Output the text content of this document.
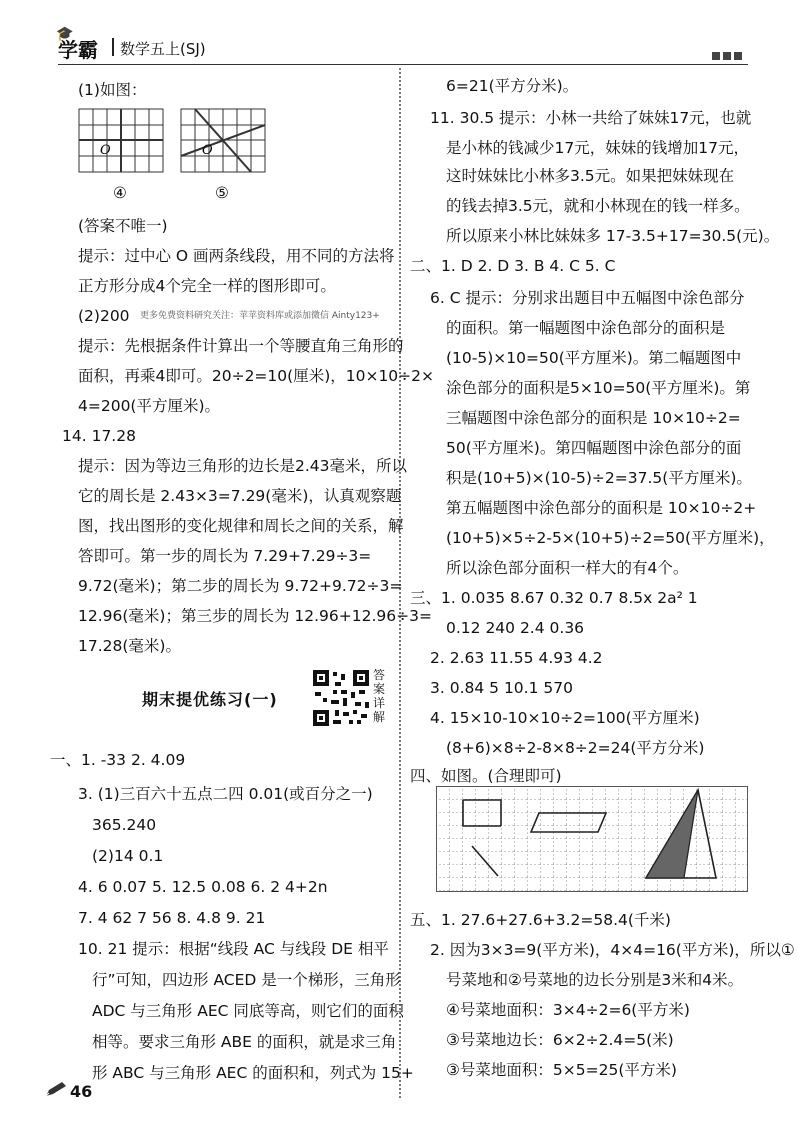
🎓
学霸 数学五上(SJ)
(1)如图：
O	O
④	⑤
(答案不唯一)
提示：过中心 O 画两条线段，用不同的方法将
正方形分成4个完全一样的图形即可。
(2)200 更多免费资料研究关注：苹苹资料库或添加微信 Ainty123+
提示：先根据条件计算出一个等腰直角三角形的
面积，再乘4即可。20÷2=10(厘米)，10×10÷2×
4=200(平方厘米)。
14. 17.28
提示：因为等边三角形的边长是2.43毫米，所以
它的周长是 2.43×3=7.29(毫米)，认真观察题
图，找出图形的变化规律和周长之间的关系，解
答即可。第一步的周长为 7.29+7.29÷3=
9.72(毫米)；第二步的周长为 9.72+9.72÷3=
12.96(毫米)；第三步的周长为 12.96+12.96÷3=
17.28(毫米)。
期末提优练习(一)
答案详解
一、1. -33 2. 4.09
3. (1)三百六十五点二四 0.01(或百分之一)
365.240
(2)14 0.1
4. 6 0.07 5. 12.5 0.08 6. 2 4+2n
7. 4 62 7 56 8. 4.8 9. 21
10. 21 提示：根据“线段 AC 与线段 DE 相平
行”可知，四边形 ACED 是一个梯形，三角形
ADC 与三角形 AEC 同底等高，则它们的面积
相等。要求三角形 ABE 的面积，就是求三角
形 ABC 与三角形 AEC 的面积和，列式为 15+
6=21(平方分米)。
11. 30.5 提示：小林一共给了妹妹17元，也就
是小林的钱减少17元，妹妹的钱增加17元，
这时妹妹比小林多3.5元。如果把妹妹现在
的钱去掉3.5元，就和小林现在的钱一样多。
所以原来小林比妹妹多 17-3.5+17=30.5(元)。
二、1. D 2. D 3. B 4. C 5. C
6. C 提示：分别求出题目中五幅图中涂色部分
的面积。第一幅题图中涂色部分的面积是
(10-5)×10=50(平方厘米)。第二幅题图中
涂色部分的面积是5×10=50(平方厘米)。第
三幅题图中涂色部分的面积是 10×10÷2=
50(平方厘米)。第四幅题图中涂色部分的面
积是(10+5)×(10-5)÷2=37.5(平方厘米)。
第五幅题图中涂色部分的面积是 10×10÷2+
(10+5)×5÷2-5×(10+5)÷2=50(平方厘米)，
所以涂色部分面积一样大的有4个。
三、1. 0.035 8.67 0.32 0.7 8.5x 2a² 1
0.12 240 2.4 0.36
2. 2.63 11.55 4.93 4.2
3. 0.84 5 10.1 570
4. 15×10-10×10÷2=100(平方厘米)
(8+6)×8÷2-8×8÷2=24(平方分米)
四、如图。(合理即可)
五、1. 27.6+27.6+3.2=58.4(千米)
2. 因为3×3=9(平方米)，4×4=16(平方米)，所以①
号菜地和②号菜地的边长分别是3米和4米。
④号菜地面积：3×4÷2=6(平方米)
③号菜地边长：6×2÷2.4=5(米)
③号菜地面积：5×5=25(平方米)
46
